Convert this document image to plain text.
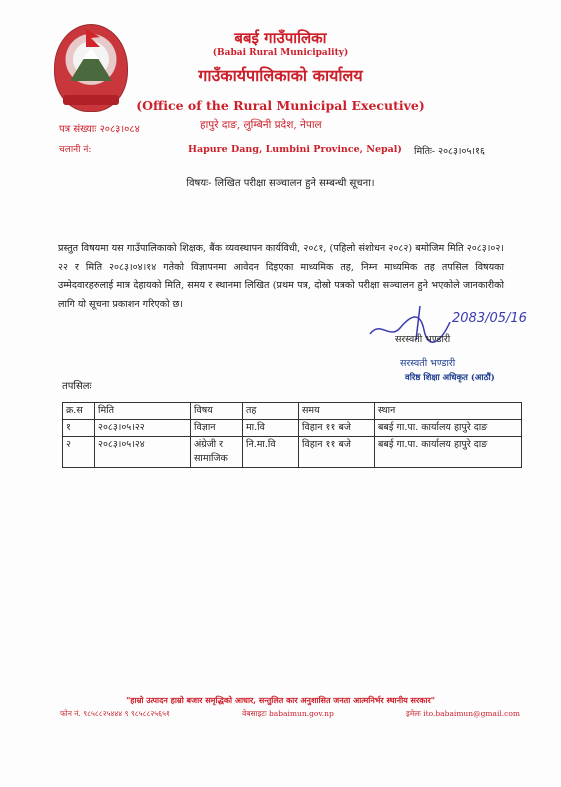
बबई गाउँपालिका
(Babai Rural Municipality)
गाउँकार्यपालिकाको कार्यालय
(Office of the Rural Municipal Executive)
हापुरे दाङ, लुम्बिनी प्रदेश, नेपाल
Hapure Dang, Lumbini Province, Nepal)
पत्र संख्याः २०८३।०८४
चलानी नं:	मितिः- २०८३।०५।१६
विषयः- लिखित परीक्षा सञ्चालन हुने सम्बन्धी सूचना।
प्रस्तुत विषयमा यस गाउँपालिकाको शिक्षक, बैंक व्यवस्थापन कार्यविधी, २०८१, (पहिलो संशोधन २०८२) बमोजिम मिति २०८३।०२।२२ र मिति २०८३।०४।१४ गतेको विज्ञापनमा आवेदन दिइएका माध्यमिक तह, निम्न माध्यमिक तह तपसिल विषयका उम्मेदवारहरुलाई मात्र देहायको मिति, समय र स्थानमा लिखित (प्रथम पत्र, दोस्रो पत्रको परीक्षा सञ्चालन हुने भएकोले जानकारीको लागि यो सूचना प्रकाशन गरिएको छ।
2083/05/16
सरस्वती भण्डारी
सरस्वती भण्डारी
वरिष्ठ शिक्षा अधिकृत (आठौं)
तपसिलः
क्र.स	मिति	विषय	तह	समय	स्थान
१	२०८३।०५।२२	विज्ञान	मा.वि	विहान ११ बजे	बबई गा.पा. कार्यालय हापुरे दाङ
२	२०८३।०५।२४	अंग्रेजी र सामाजिक	नि.मा.वि	विहान ११ बजे	बबई गा.पा. कार्यालय हापुरे दाङ
"हाम्रो उत्पादन हाम्रो बजार समृद्धिको आधार, सन्तुलित कार अनुशासित जनता आत्मनिर्भर स्थानीय सरकार"
फोन नं. ९८५८८२५४४४ ९ ९८५८८२५६५१	वेबसाइटः babaimun.gov.np	इमेलः ito.babaimun@gmail.com
